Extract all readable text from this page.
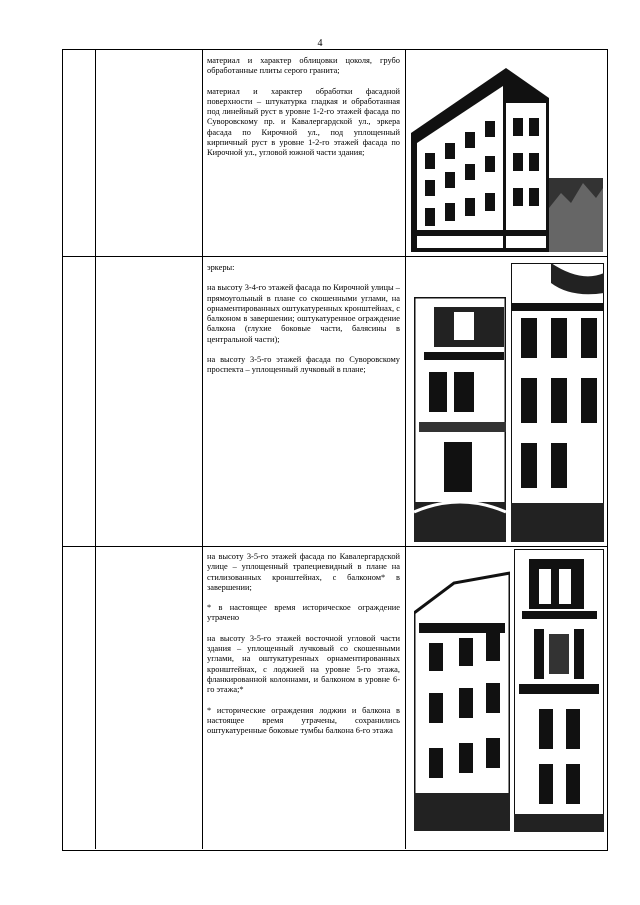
4

материал и характер облицовки цоколя, грубо обработанные плиты серого гранита;

материал и характер обработки фасадной поверхности – штукатурка гладкая и обработанная под линейный руст в уровне 1-2-го этажей фасада по Суворовскому пр. и Кавалергардской ул., эркера фасада по Кирочной ул., под уплощенный кирпичный руст в уровне 1-2-го этажей фасада по Кирочной ул., угловой южной части здания;

эркеры:

на высоту 3-4-го этажей фасада по Кирочной улицы – прямоугольный в плане со скошенными углами, на орнаментированных оштукатуренных кронштейнах, с балконом в завершении; оштукатуренное ограждение балкона (глухие боковые части, балясины в центральной части);

на высоту 3-5-го этажей фасада по Суворовскому проспекта – уплощенный лучковый в плане;

на высоту 3-5-го этажей фасада по Кавалергардской улице – уплощенный трапециевидный в плане на стилизованных кронштейнах, с балконом* в завершении;

* в настоящее время историческое ограждение утрачено

на высоту 3-5-го этажей восточной угловой части здания – уплощенный лучковый со скошенными углами, на оштукатуренных орнаментированных кронштейнах, с лоджией на уровне 5-го этажа, фланкированной колоннами, и балконом в уровне 6-го этажа;*

* исторические ограждения лоджии и балкона в настоящее время утрачены, сохранились оштукатуренные боковые тумбы балкона 6-го этажа
